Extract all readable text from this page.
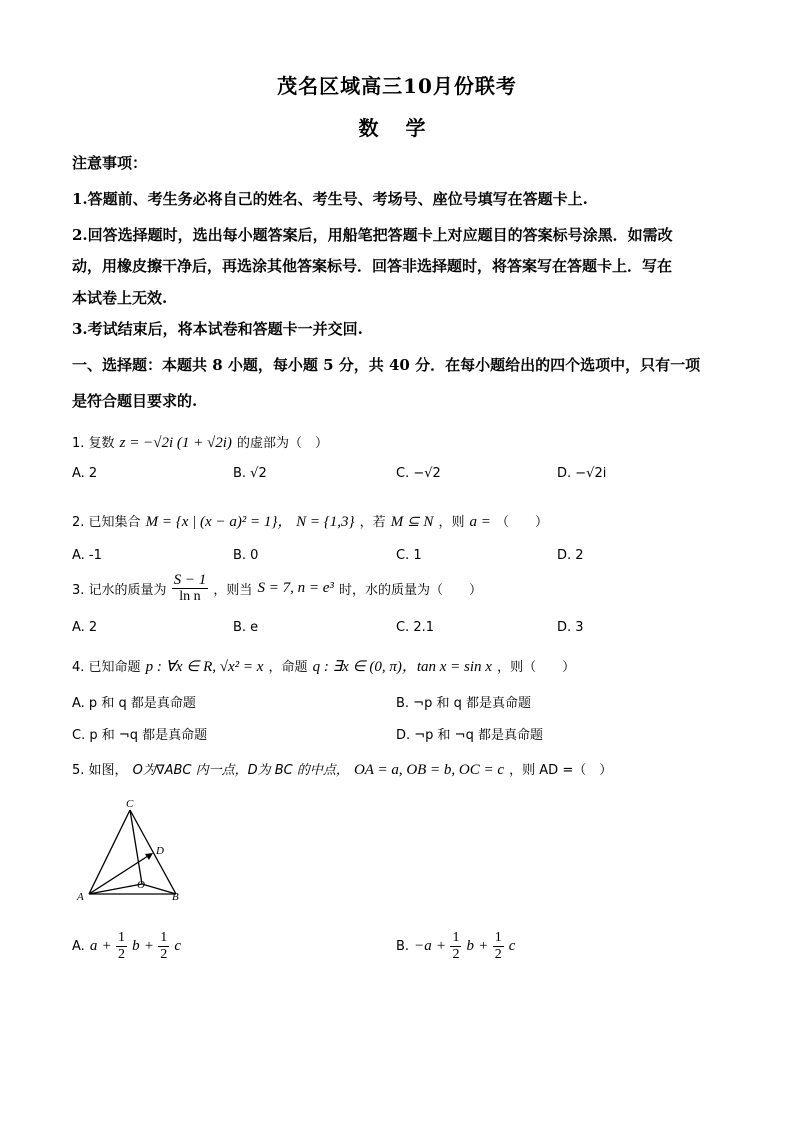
茂名区域高三10月份联考
数 学
注意事项：
1.答题前、考生务必将自己的姓名、考生号、考场号、座位号填写在答题卡上.
2.回答选择题时，选出每小题答案后，用船笔把答题卡上对应题目的答案标号涂黑．如需改
动，用橡皮擦干净后，再选涂其他答案标号．回答非选择题时，将答案写在答题卡上．写在
本试卷上无效.
3.考试结束后，将本试卷和答题卡一并交回.
一、选择题：本题共 8 小题，每小题 5 分，共 40 分．在每小题给出的四个选项中，只有一项
是符合题目要求的.
1. 复数 z = −√2i (1 + √2i) 的虚部为（　）
A. 2	B. √2	C. −√2	D. −√2i
2. 已知集合 M = {x | (x − a)² = 1}， N = {1,3} ，若 M ⊆ N ，则 a = （　　）
A. -1	B. 0	C. 1	D. 2
3. 记水的质量为 $\frac{S - 1}{\text{ln n}}$ ，则当 S = 7, n = e³ 时，水的质量为（　　）
A. 2	B. e	C. 2.1	D. 3
4. 已知命题 p : ∀x ∈ R, √x² = x ，命题 q : ∃x ∈ (0, π)，tan x = sin x ，则（　　）
A. p 和 q 都是真命题	B. ¬p 和 q 都是真命题
C. p 和 ¬q 都是真命题	D. ¬p 和 ¬q 都是真命题
5. 如图， O为∇ABC 内一点，D为 BC 的中点， OA = a, OB = b, OC = c ，则 AD =（　）
C
D
O
A	B
A. $a + \frac{1}{2}$ $b + \frac{1}{2}$ c	B. $-a + \frac{1}{2}$ $b + \frac{1}{2}$ c
